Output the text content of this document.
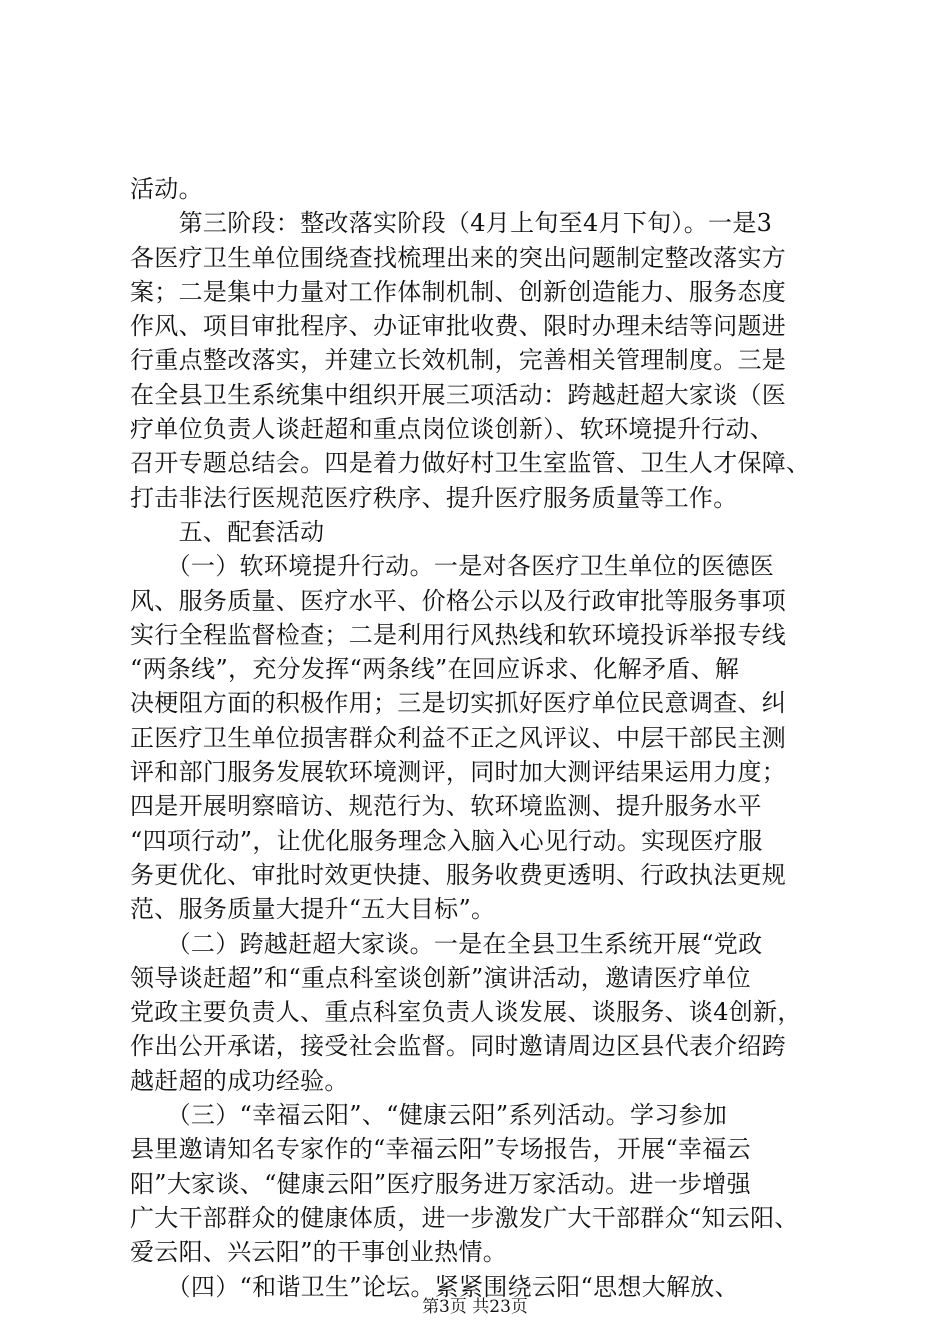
活动。
　　第三阶段：整改落实阶段（4月上旬至4月下旬）。一是3
各医疗卫生单位围绕查找梳理出来的突出问题制定整改落实方
案；二是集中力量对工作体制机制、创新创造能力、服务态度
作风、项目审批程序、办证审批收费、限时办理未结等问题进
行重点整改落实，并建立长效机制，完善相关管理制度。三是
在全县卫生系统集中组织开展三项活动：跨越赶超大家谈（医
疗单位负责人谈赶超和重点岗位谈创新）、软环境提升行动、
召开专题总结会。四是着力做好村卫生室监管、卫生人才保障、
打击非法行医规范医疗秩序、提升医疗服务质量等工作。
　　五、配套活动
　　（一）软环境提升行动。一是对各医疗卫生单位的医德医
风、服务质量、医疗水平、价格公示以及行政审批等服务事项
实行全程监督检查；二是利用行风热线和软环境投诉举报专线
“两条线”，充分发挥“两条线”在回应诉求、化解矛盾、解
决梗阻方面的积极作用；三是切实抓好医疗单位民意调查、纠
正医疗卫生单位损害群众利益不正之风评议、中层干部民主测
评和部门服务发展软环境测评，同时加大测评结果运用力度；
四是开展明察暗访、规范行为、软环境监测、提升服务水平
“四项行动”，让优化服务理念入脑入心见行动。实现医疗服
务更优化、审批时效更快捷、服务收费更透明、行政执法更规
范、服务质量大提升“五大目标”。
　　（二）跨越赶超大家谈。一是在全县卫生系统开展“党政
领导谈赶超”和“重点科室谈创新”演讲活动，邀请医疗单位
党政主要负责人、重点科室负责人谈发展、谈服务、谈4创新，
作出公开承诺，接受社会监督。同时邀请周边区县代表介绍跨
越赶超的成功经验。
　　（三）“幸福云阳”、“健康云阳”系列活动。学习参加
县里邀请知名专家作的“幸福云阳”专场报告，开展“幸福云
阳”大家谈、“健康云阳”医疗服务进万家活动。进一步增强
广大干部群众的健康体质，进一步激发广大干部群众“知云阳、
爱云阳、兴云阳”的干事创业热情。
　　（四）“和谐卫生”论坛。紧紧围绕云阳“思想大解放、
第3页 共23页
